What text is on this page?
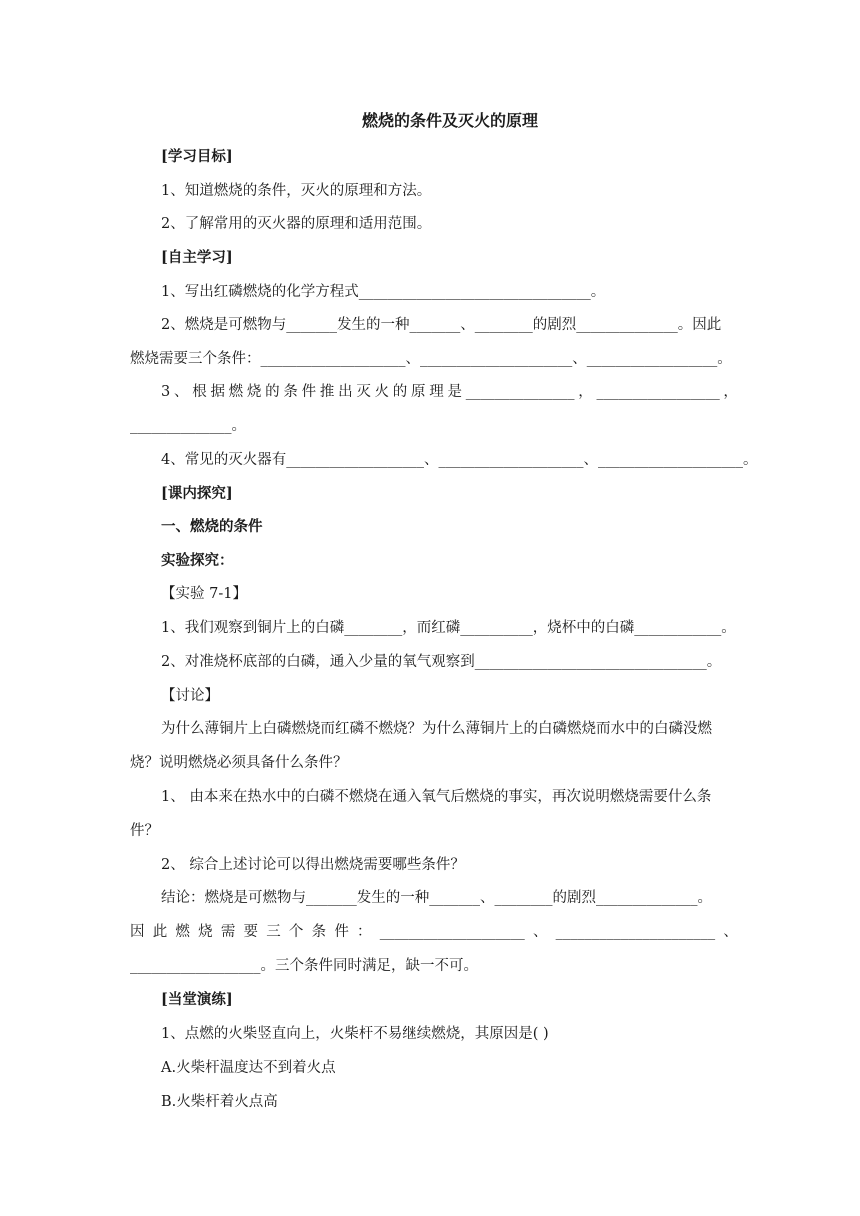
燃烧的条件及灭火的原理
[学习目标]
1、知道燃烧的条件，灭火的原理和方法。
2、了解常用的灭火器的原理和适用范围。
[自主学习]
1、写出红磷燃烧的化学方程式________________________________。
2、燃烧是可燃物与_______发生的一种_______、________的剧烈______________。因此
燃烧需要三个条件：____________________、_____________________、__________________。
3 、 根 据 燃 烧 的 条 件 推 出 灭 火 的 原 理 是 _______________ ， _________________ ，
______________。
4、常见的灭火器有___________________、____________________、____________________。
[课内探究]
一、燃烧的条件
实验探究：
【实验 7-1】
1、我们观察到铜片上的白磷________，而红磷__________，烧杯中的白磷____________。
2、对准烧杯底部的白磷，通入少量的氧气观察到________________________________。
【讨论】
为什么薄铜片上白磷燃烧而红磷不燃烧？为什么薄铜片上的白磷燃烧而水中的白磷没燃
烧？说明燃烧必须具备什么条件？
1、 由本来在热水中的白磷不燃烧在通入氧气后燃烧的事实，再次说明燃烧需要什么条
件？
2、 综合上述讨论可以得出燃烧需要哪些条件？
结论：燃烧是可燃物与_______发生的一种_______、________的剧烈______________。
因 此 燃 烧 需 要 三 个 条 件 ： ____________________ 、 ______________________ 、
__________________。三个条件同时满足，缺一不可。
[当堂演练]
1、点燃的火柴竖直向上，火柴杆不易继续燃烧，其原因是( )
A.火柴杆温度达不到着火点
B.火柴杆着火点高
